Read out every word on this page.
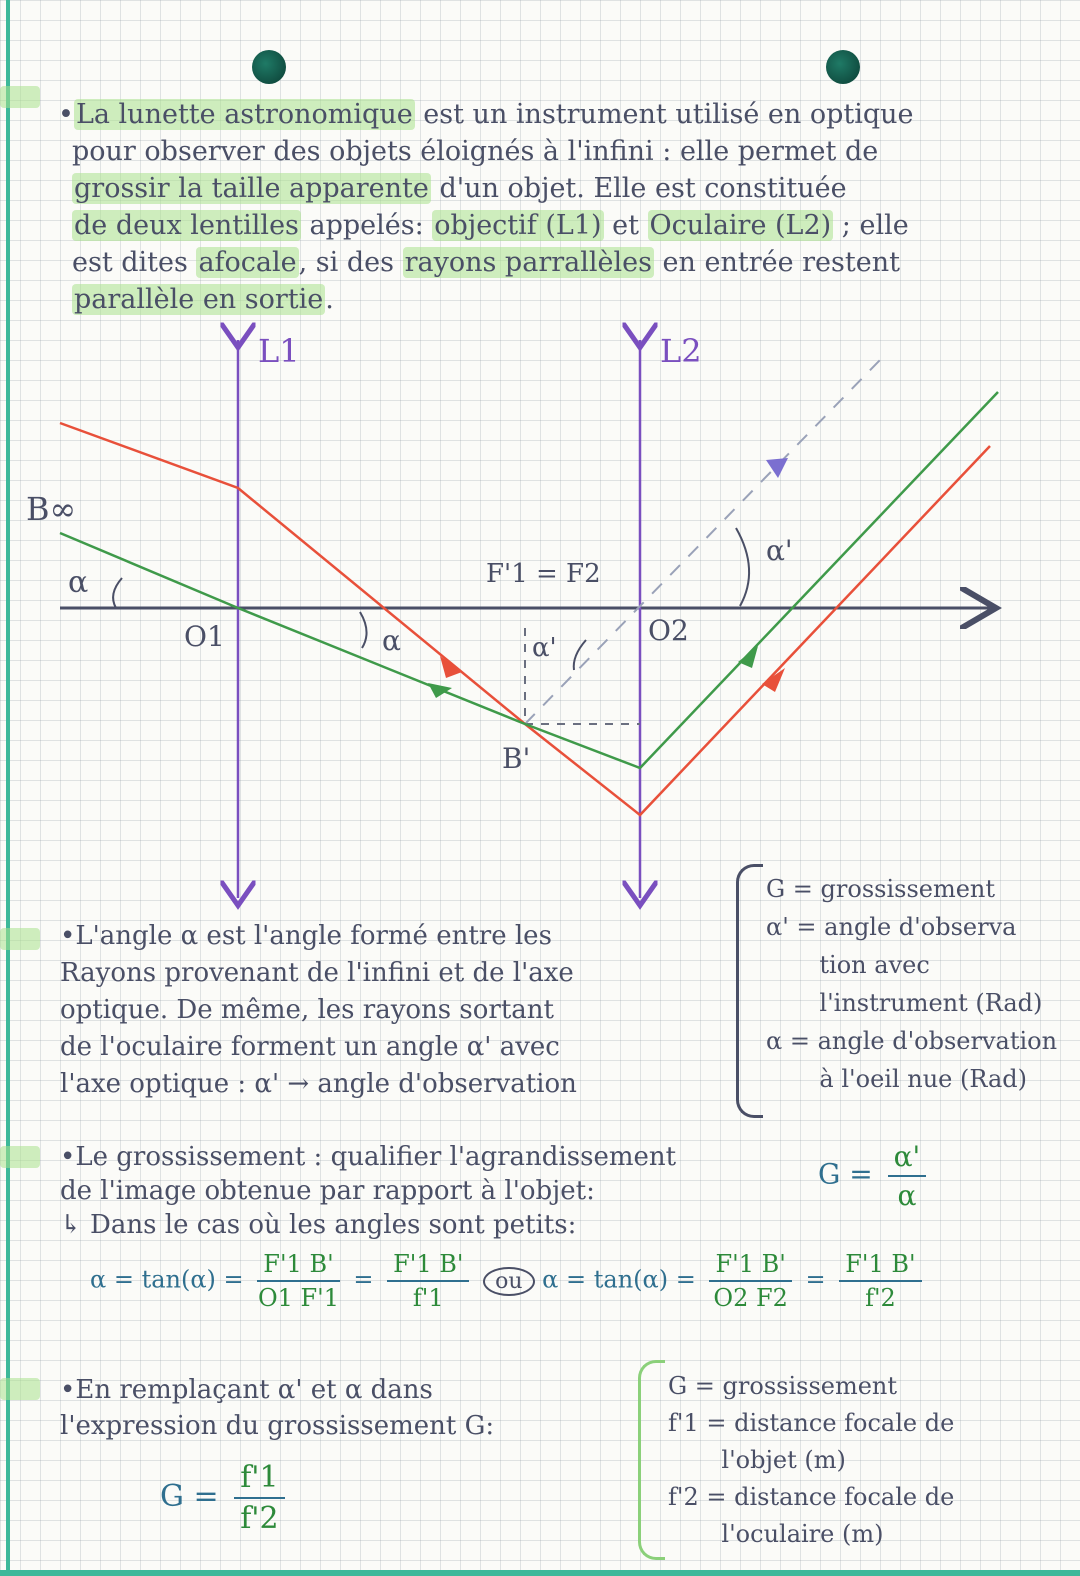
•La lunette astronomique est un instrument utilisé en optique
pour observer des objets éloignés à l'infini : elle permet de
grossir la taille apparente d'un objet. Elle est constituée
de deux lentilles appelés: objectif (L1) et Oculaire (L2) ; elle
est dites afocale, si des rayons parrallèles en entrée restent
parallèle en sortie.
L1	L2
B∞
α
O1	α
F'1 = F2
α'
O2
α'
B'
•L'angle α est l'angle formé entre les
Rayons provenant de l'infini et de l'axe
optique. De même, les rayons sortant
de l'oculaire forment un angle α' avec
l'axe optique : α' → angle d'observation
G = grossissement
α' = angle d'observa
tion avec
l'instrument (Rad)
α = angle d'observation
à l'oeil nue (Rad)
•Le grossissement : qualifier l'agrandissement
de l'image obtenue par rapport à l'objet:
↳ Dans le cas où les angles sont petits:
$G = \frac{\alpha'}{\alpha}$
$\alpha = \tan(\alpha) = \frac{F'1 B'}{O1 F'1} = \frac{F'1 B'}{f'1}$ ou $\alpha = \tan(\alpha) = \frac{F'1 B'}{O2 F2} = \frac{F'1 B'}{f'2}$
•En remplaçant α' et α dans
l'expression du grossissement G:
$G = \frac{f'1}{f'2}$
G = grossissement
f'1 = distance focale de
l'objet (m)
f'2 = distance focale de
l'oculaire (m)
